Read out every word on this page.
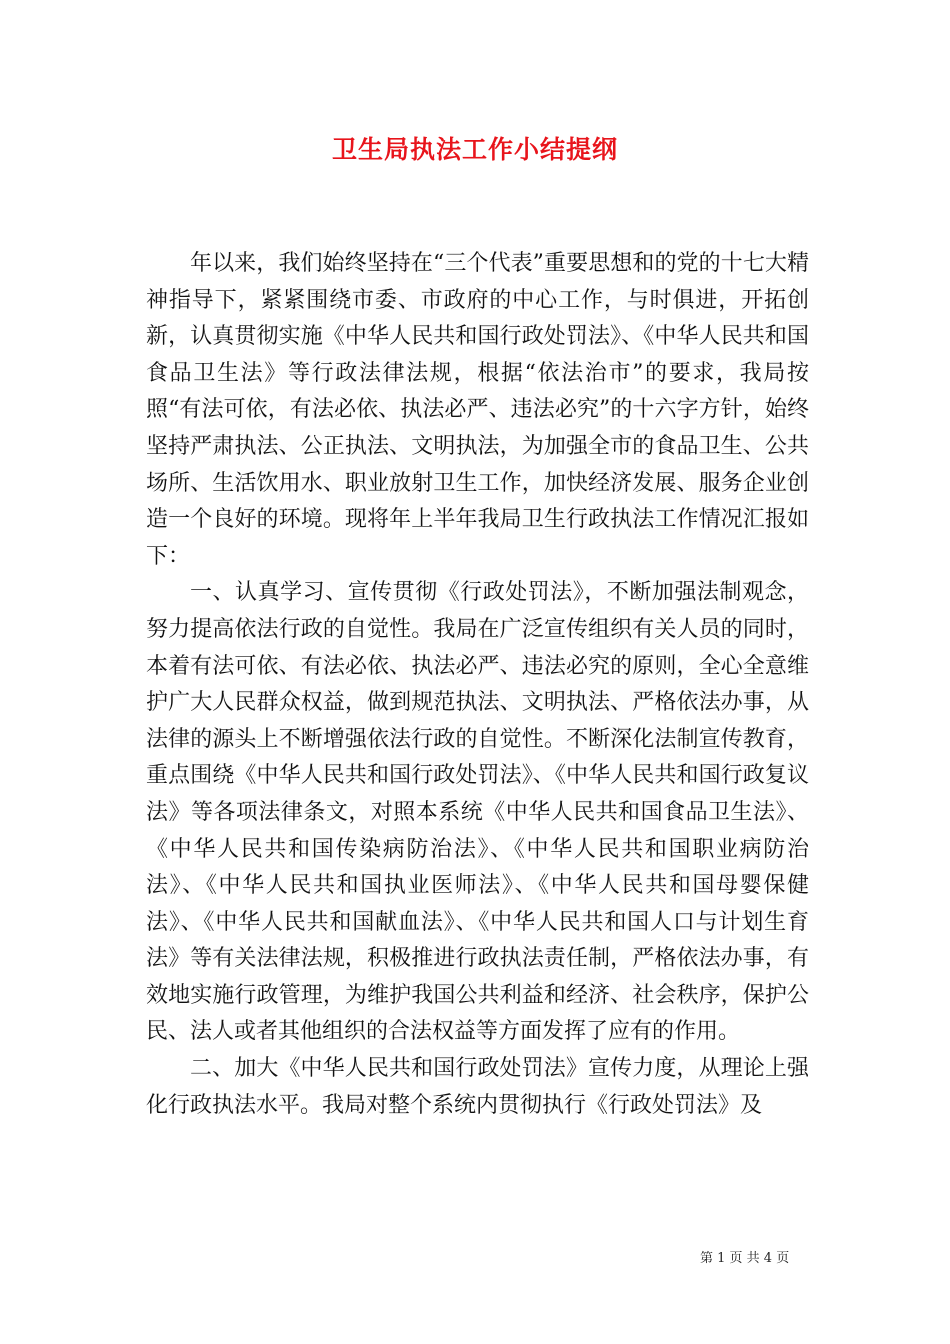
卫生局执法工作小结提纲

年以来，我们始终坚持在“三个代表”重要思想和的党的十七大精神指导下，紧紧围绕市委、市政府的中心工作，与时俱进，开拓创新，认真贯彻实施《中华人民共和国行政处罚法》、《中华人民共和国食品卫生法》等行政法律法规，根据“依法治市”的要求，我局按照“有法可依，有法必依、执法必严、违法必究”的十六字方针，始终坚持严肃执法、公正执法、文明执法，为加强全市的食品卫生、公共场所、生活饮用水、职业放射卫生工作，加快经济发展、服务企业创造一个良好的环境。现将年上半年我局卫生行政执法工作情况汇报如下：

一、认真学习、宣传贯彻《行政处罚法》，不断加强法制观念，努力提高依法行政的自觉性。我局在广泛宣传组织有关人员的同时，本着有法可依、有法必依、执法必严、违法必究的原则，全心全意维护广大人民群众权益，做到规范执法、文明执法、严格依法办事，从法律的源头上不断增强依法行政的自觉性。不断深化法制宣传教育，重点围绕《中华人民共和国行政处罚法》、《中华人民共和国行政复议法》等各项法律条文，对照本系统《中华人民共和国食品卫生法》、《中华人民共和国传染病防治法》、《中华人民共和国职业病防治法》、《中华人民共和国执业医师法》、《中华人民共和国母婴保健法》、《中华人民共和国献血法》、《中华人民共和国人口与计划生育法》等有关法律法规，积极推进行政执法责任制，严格依法办事，有效地实施行政管理，为维护我国公共利益和经济、社会秩序，保护公民、法人或者其他组织的合法权益等方面发挥了应有的作用。

二、加大《中华人民共和国行政处罚法》宣传力度，从理论上强化行政执法水平。我局对整个系统内贯彻执行《行政处罚法》及

第 1 页 共 4 页
